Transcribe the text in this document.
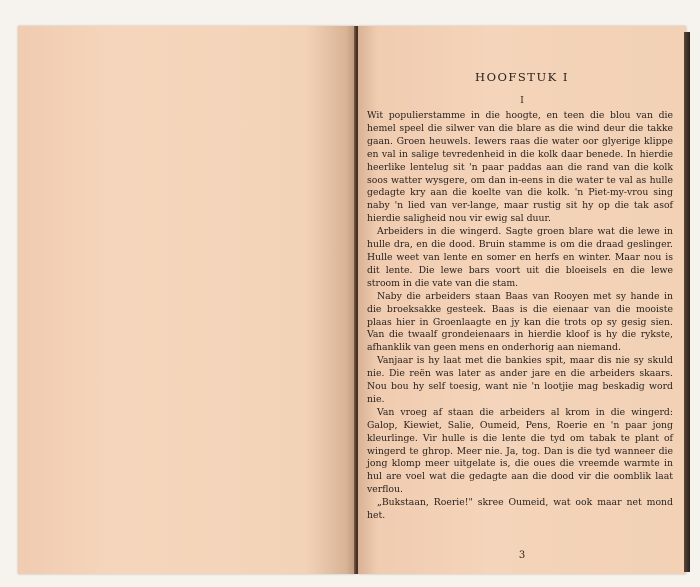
HOOFSTUK I
I

Wit populierstamme in die hoogte, en teen die blou van die hemel speel die silwer van die blare as die wind deur die takke gaan. Groen heuwels. Iewers raas die water oor glyerige klippe en val in salige tevredenheid in die kolk daar benede. In hierdie heerlike lentelug sit 'n paar paddas aan die rand van die kolk soos watter wysgere, om dan in-eens in die water te val as hulle gedagte kry aan die koelte van die kolk. 'n Piet-my-vrou sing naby 'n lied van ver-lange, maar rustig sit hy op die tak asof hierdie saligheid nou vir ewig sal duur.

Arbeiders in die wingerd. Sagte groen blare wat die lewe in hulle dra, en die dood. Bruin stamme is om die draad geslinger. Hulle weet van lente en somer en herfs en winter. Maar nou is dit lente. Die lewe bars voort uit die bloeisels en die lewe stroom in die vate van die stam.

Naby die arbeiders staan Baas van Rooyen met sy hande in die broeksakke gesteek. Baas is die eienaar van die mooiste plaas hier in Groenlaagte en jy kan die trots op sy gesig sien. Van die twaalf grondeienaars in hierdie kloof is hy die rykste, afhanklik van geen mens en onderhorig aan niemand.

Vanjaar is hy laat met die bankies spit, maar dis nie sy skuld nie. Die reën was later as ander jare en die arbeiders skaars. Nou bou hy self toesig, want nie 'n lootjie mag beskadig word nie.

Van vroeg af staan die arbeiders al krom in die wingerd: Galop, Kiewiet, Salie, Oumeid, Pens, Roerie en 'n paar jong kleurlinge. Vir hulle is die lente die tyd om tabak te plant of wingerd te ghrop. Meer nie. Ja, tog. Dan is die tyd wanneer die jong klomp meer uitgelate is, die oues die vreemde warmte in hul are voel wat die gedagte aan die dood vir die oomblik laat verflou.

„Bukstaan, Roerie!" skree Oumeid, wat ook maar net mond het.

3
